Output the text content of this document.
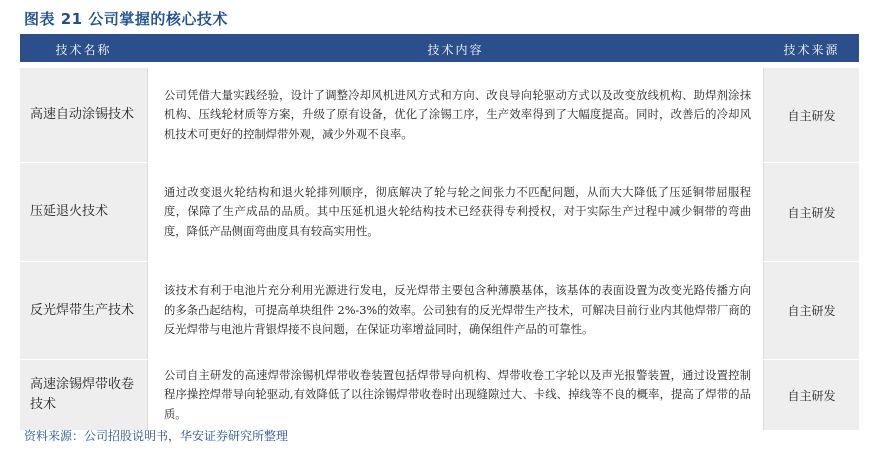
图表 21 公司掌握的核心技术
技术名称	技术内容	技术来源
高速自动涂锡技术
公司凭借大量实践经验，设计了调整冷却风机进风方式和方向、改良导向轮驱动方式以及改变放线机构、助焊剂涂抹机构、压线轮材质等方案，升级了原有设备，优化了涂锡工序，生产效率得到了大幅度提高。同时，改善后的冷却风机技术可更好的控制焊带外观，减少外观不良率。
自主研发
压延退火技术
通过改变退火轮结构和退火轮排列顺序，彻底解决了轮与轮之间张力不匹配问题，从而大大降低了压延铜带屈服程度，保障了生产成品的品质。其中压延机退火轮结构技术已经获得专利授权，对于实际生产过程中减少铜带的弯曲度，降低产品侧面弯曲度具有较高实用性。
自主研发
反光焊带生产技术
该技术有利于电池片充分利用光源进行发电，反光焊带主要包含种薄膜基体，该基体的表面设置为改变光路传播方向的多条凸起结构，可提高单块组件 2%-3%的效率。公司独有的反光焊带生产技术，可解决目前行业内其他焊带厂商的反光焊带与电池片背银焊接不良问题，在保证功率增益同时，确保组件产品的可靠性。
自主研发
高速涂锡焊带收卷技术
公司自主研发的高速焊带涂锡机焊带收卷装置包括焊带导向机构、焊带收卷工字轮以及声光报警装置，通过设置控制程序操控焊带导向轮驱动,有效降低了以往涂锡焊带收卷时出现缝隙过大、卡线、掉线等不良的概率，提高了焊带的品质。
自主研发
资料来源：公司招股说明书，华安证券研究所整理
